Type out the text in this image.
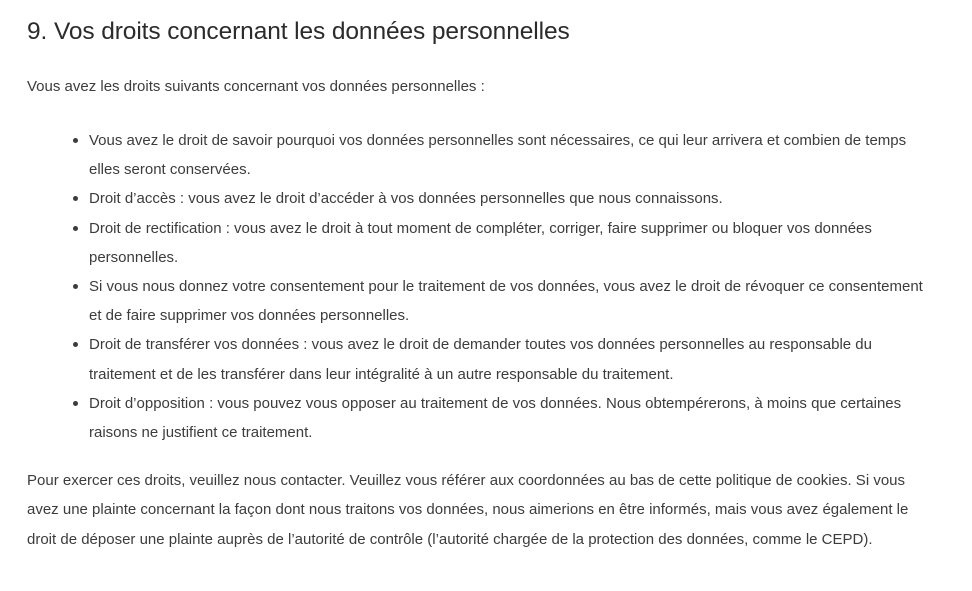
9. Vos droits concernant les données personnelles

Vous avez les droits suivants concernant vos données personnelles :

Vous avez le droit de savoir pourquoi vos données personnelles sont nécessaires, ce qui leur arrivera et combien de temps elles seront conservées.
Droit d’accès : vous avez le droit d’accéder à vos données personnelles que nous connaissons.
Droit de rectification : vous avez le droit à tout moment de compléter, corriger, faire supprimer ou bloquer vos données personnelles.
Si vous nous donnez votre consentement pour le traitement de vos données, vous avez le droit de révoquer ce consentement et de faire supprimer vos données personnelles.
Droit de transférer vos données : vous avez le droit de demander toutes vos données personnelles au responsable du traitement et de les transférer dans leur intégralité à un autre responsable du traitement.
Droit d’opposition : vous pouvez vous opposer au traitement de vos données. Nous obtempérerons, à moins que certaines raisons ne justifient ce traitement.

Pour exercer ces droits, veuillez nous contacter. Veuillez vous référer aux coordonnées au bas de cette politique de cookies. Si vous avez une plainte concernant la façon dont nous traitons vos données, nous aimerions en être informés, mais vous avez également le droit de déposer une plainte auprès de l’autorité de contrôle (l’autorité chargée de la protection des données, comme le CEPD).
